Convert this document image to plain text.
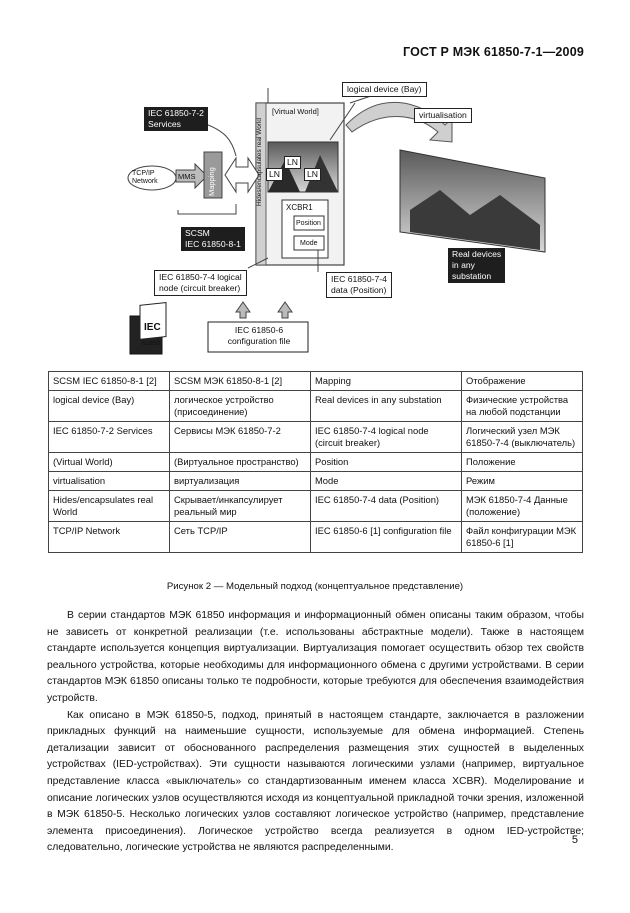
ГОСТ Р МЭК 61850-7-1—2009
logical device (Bay)
virtualisation
IEC 61850-7-2
Services
[Virtual World]
Hides/encapsulates real World
TCP/IP Network
MMS Mapping
LN
LN	LN
XCBR1
Position
Mode
SCSM
IEC 61850-8-1
IEC 61850-7-4 logical
node (circuit breaker)
IEC 61850-7-4
data (Position)
Real devices
in any
substation
IEC 61850-6
configuration file
IEC
61850
SCSM IEC 61850-8-1 [2]	SCSM МЭК 61850-8-1 [2]	Mapping	Отображение
logical device (Bay)	логическое устройство (присоединение)	Real devices in any substation	Физические устройства на любой подстанции
IEC 61850-7-2 Services	Сервисы МЭК 61850-7-2	IEC 61850-7-4 logical node (circuit breaker)	Логический узел МЭК 61850-7-4 (выключатель)
(Virtual World)	(Виртуальное пространство)	Position	Положение
virtualisation	виртуализация	Mode	Режим
Hides/encapsulates real World	Скрывает/инкапсулирует реальный мир	IEC 61850-7-4 data (Position)	МЭК 61850-7-4 Данные (положение)
TCP/IP Network	Сеть TCP/IP	IEC 61850-6 [1] configuration file	Файл конфигурации МЭК 61850-6 [1]
Рисунок 2 — Модельный подход (концептуальное представление)

В серии стандартов МЭК 61850 информация и информационный обмен описаны таким образом, чтобы не зависеть от конкретной реализации (т.е. использованы абстрактные модели). Также в настоящем стандарте используется концепция виртуализации. Виртуализация помогает осуществить обзор тех свойств реального устройства, которые необходимы для информационного обмена с другими устройствами. В серии стандартов МЭК 61850 описаны только те подробности, которые требуются для обеспечения взаимодействия устройств.

Как описано в МЭК 61850-5, подход, принятый в настоящем стандарте, заключается в разложении прикладных функций на наименьшие сущности, используемые для обмена информацией. Степень детализации зависит от обоснованного распределения размещения этих сущностей в выделенных устройствах (IED-устройствах). Эти сущности называются логическими узлами (например, виртуальное представление класса «выключатель» со стандартизованным именем класса XCBR). Моделирование и описание логических узлов осуществляются исходя из концептуальной прикладной точки зрения, изложенной в МЭК 61850-5. Несколько логических узлов составляют логическое устройство (например, представление элемента присоединения). Логическое устройство всегда реализуется в одном IED-устройстве; следовательно, логические устройства не являются распределенными.

5
